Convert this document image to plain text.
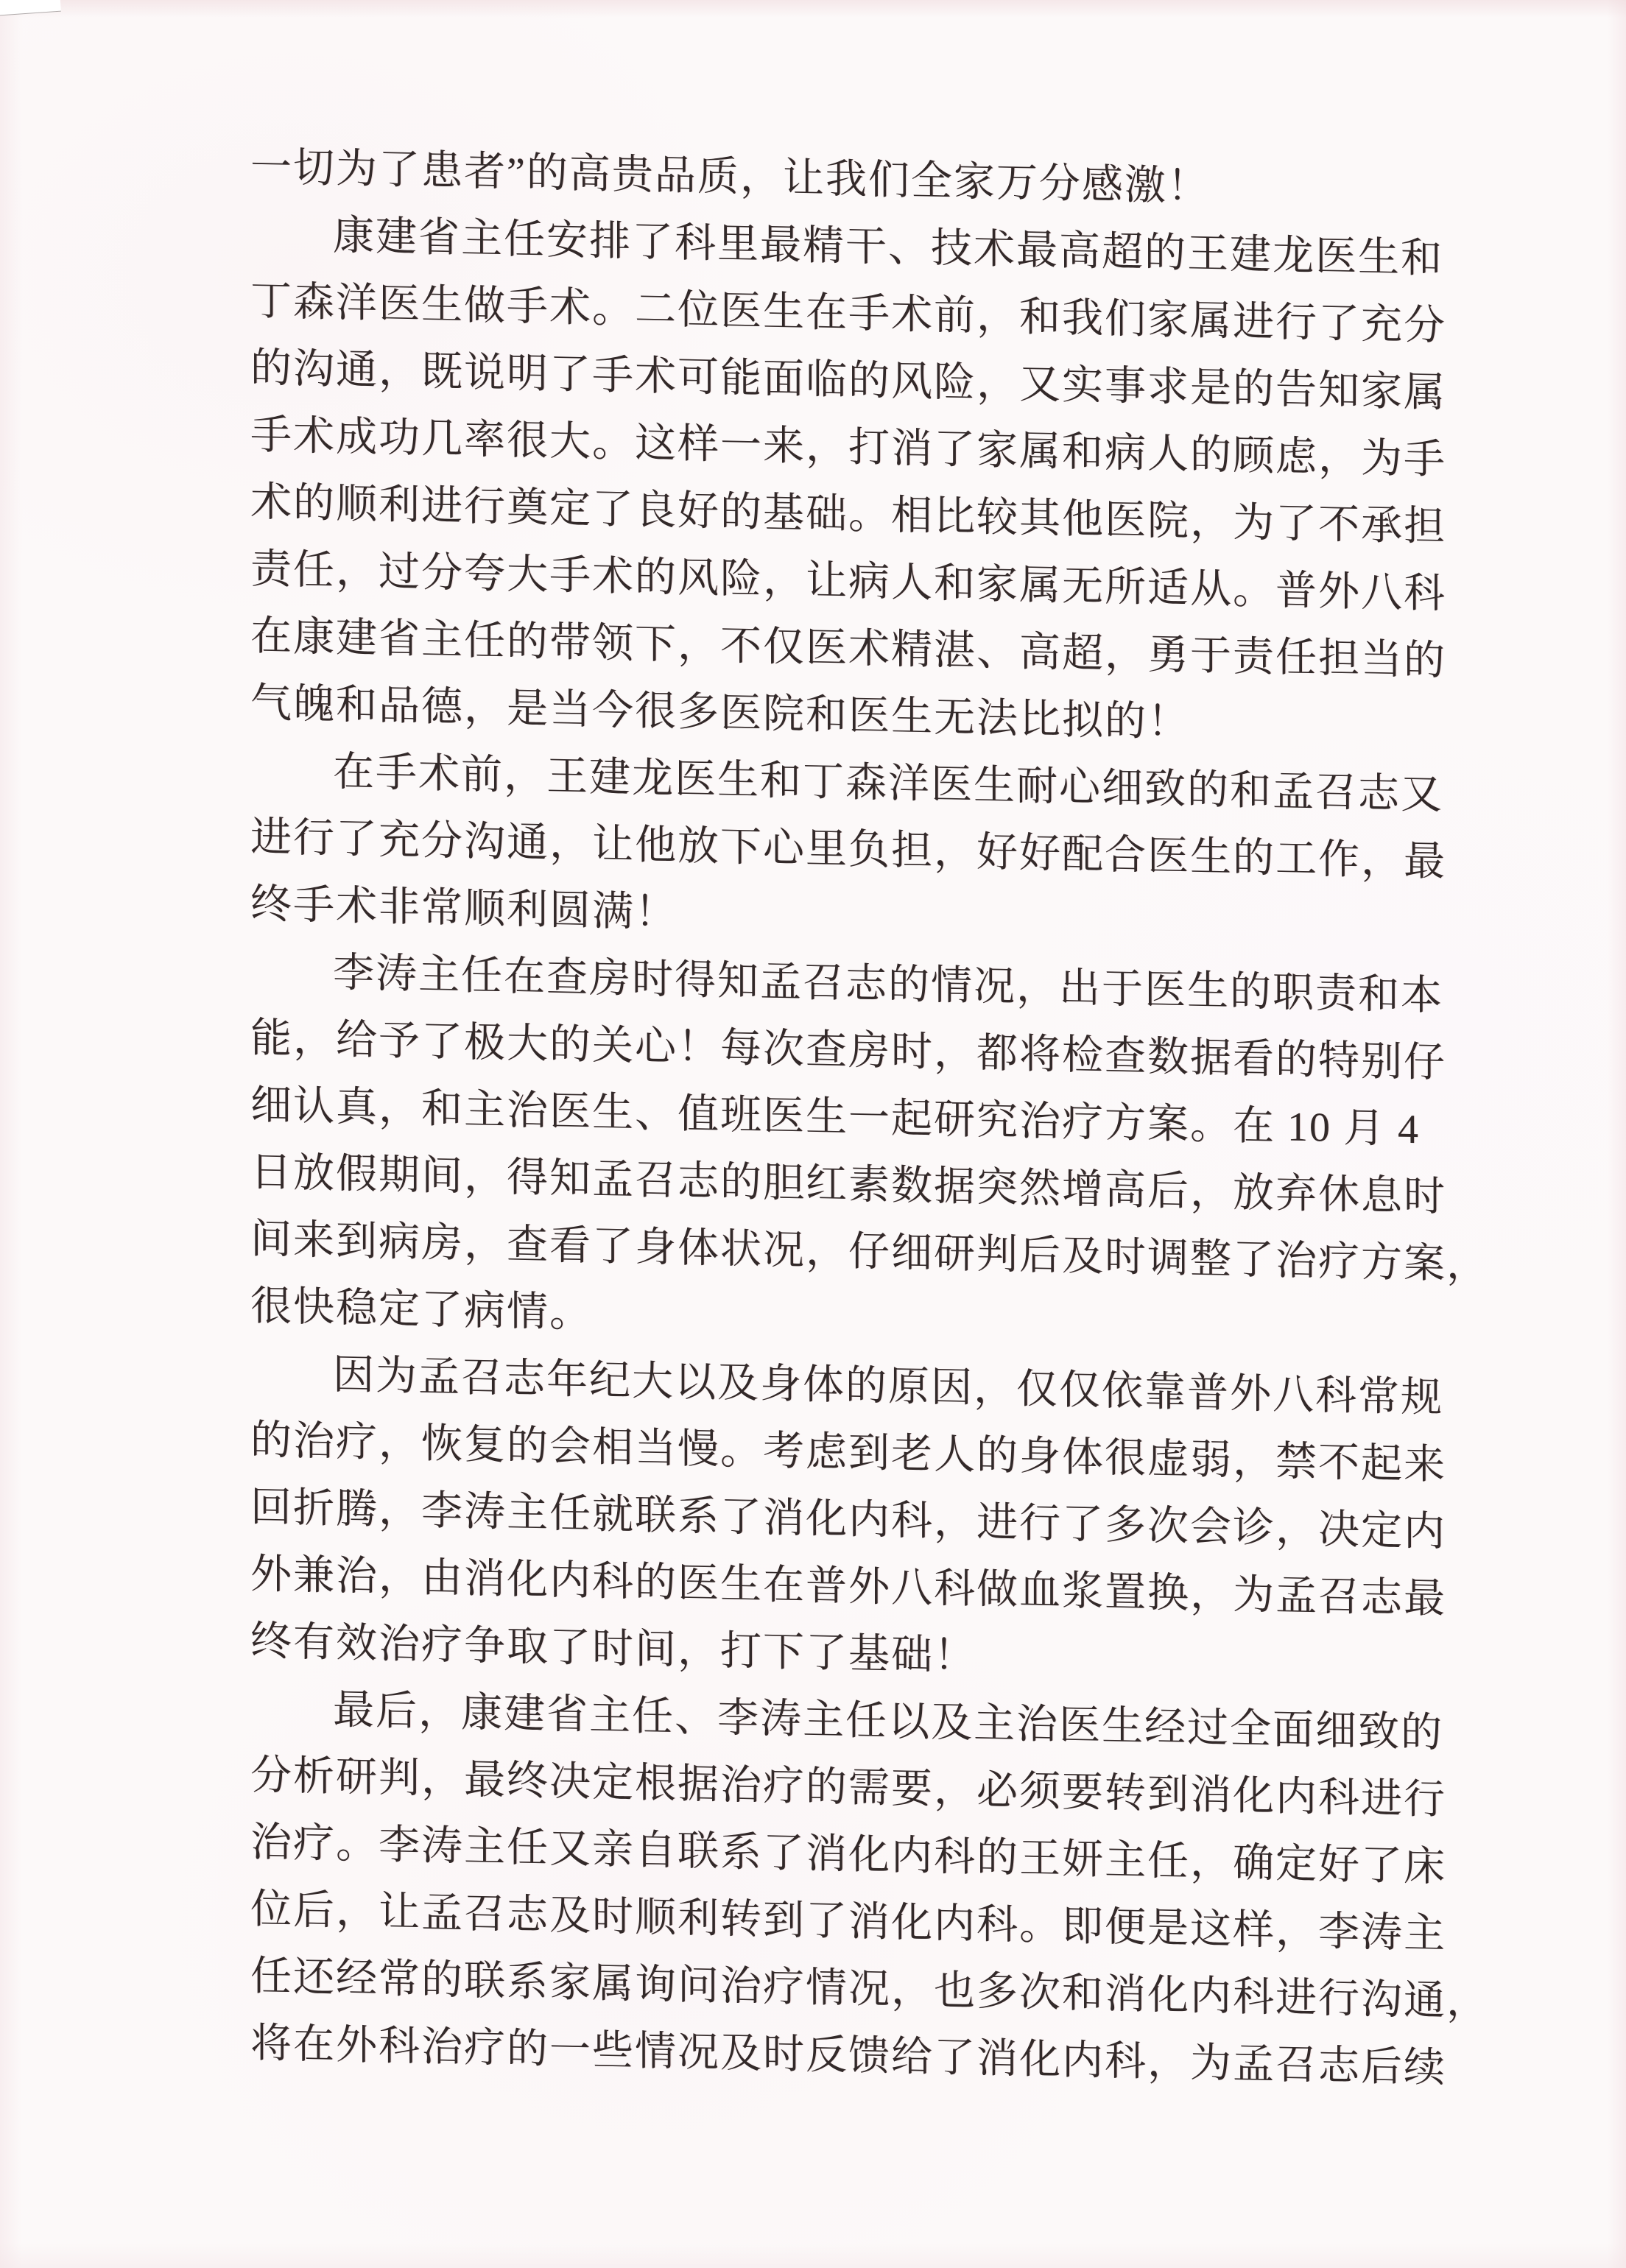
一切为了患者”的高贵品质，让我们全家万分感激！
康建省主任安排了科里最精干、技术最高超的王建龙医生和
丁森洋医生做手术。二位医生在手术前，和我们家属进行了充分
的沟通，既说明了手术可能面临的风险，又实事求是的告知家属
手术成功几率很大。这样一来，打消了家属和病人的顾虑，为手
术的顺利进行奠定了良好的基础。相比较其他医院，为了不承担
责任，过分夸大手术的风险，让病人和家属无所适从。普外八科
在康建省主任的带领下，不仅医术精湛、高超，勇于责任担当的
气魄和品德，是当今很多医院和医生无法比拟的！
在手术前，王建龙医生和丁森洋医生耐心细致的和孟召志又
进行了充分沟通，让他放下心里负担，好好配合医生的工作，最
终手术非常顺利圆满！
李涛主任在查房时得知孟召志的情况，出于医生的职责和本
能，给予了极大的关心！每次查房时，都将检查数据看的特别仔
细认真，和主治医生、值班医生一起研究治疗方案。在 10 月 4
日放假期间，得知孟召志的胆红素数据突然增高后，放弃休息时
间来到病房，查看了身体状况，仔细研判后及时调整了治疗方案，
很快稳定了病情。
因为孟召志年纪大以及身体的原因，仅仅依靠普外八科常规
的治疗，恢复的会相当慢。考虑到老人的身体很虚弱，禁不起来
回折腾，李涛主任就联系了消化内科，进行了多次会诊，决定内
外兼治，由消化内科的医生在普外八科做血浆置换，为孟召志最
终有效治疗争取了时间，打下了基础！
最后，康建省主任、李涛主任以及主治医生经过全面细致的
分析研判，最终决定根据治疗的需要，必须要转到消化内科进行
治疗。李涛主任又亲自联系了消化内科的王妍主任，确定好了床
位后，让孟召志及时顺利转到了消化内科。即便是这样，李涛主
任还经常的联系家属询问治疗情况，也多次和消化内科进行沟通，
将在外科治疗的一些情况及时反馈给了消化内科，为孟召志后续
